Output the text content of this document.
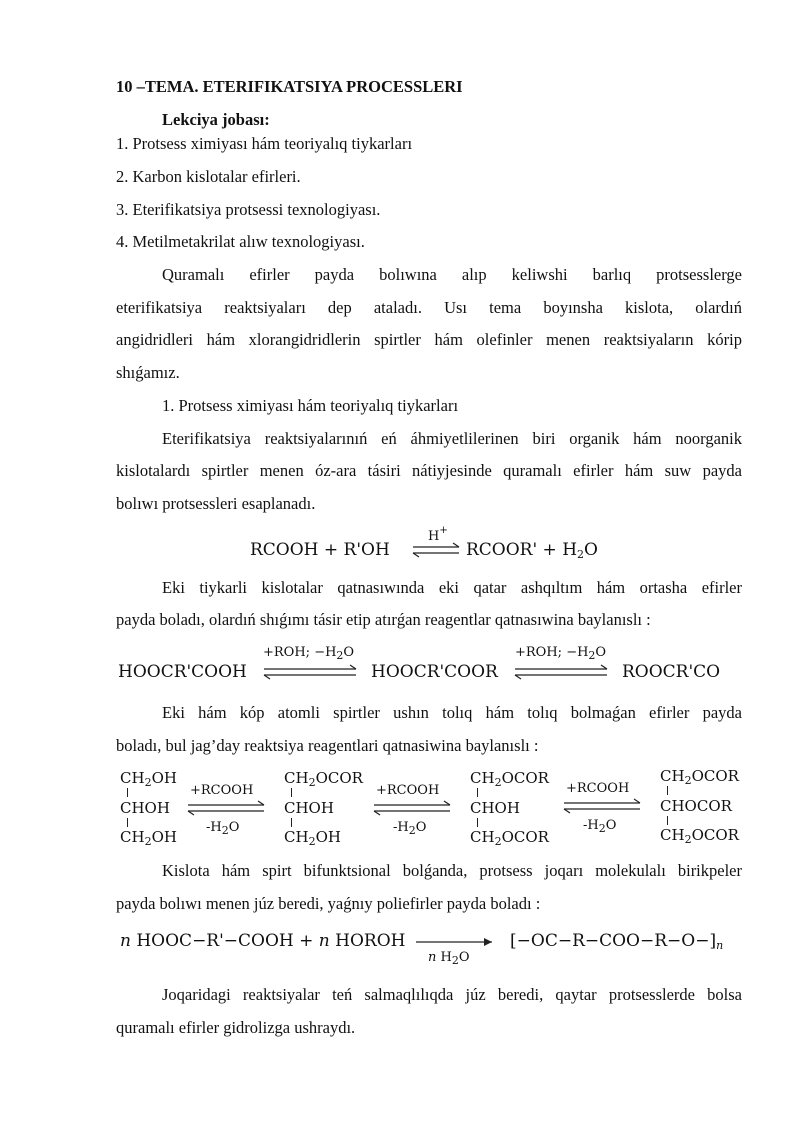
10 –TEMA. ETERIFIKATSIYA PROCESSLERI
Lekciya jobası:
1. Protsess ximiyası hám teoriyalıq tiykarları
2. Karbon kislotalar efirleri.
3. Eterifikatsiya protsessi texnologiyası.
4. Metilmetakrilat alıw texnologiyası.
Quramalı efirler payda bolıwına alıp keliwshi barlıq protsesslerge
eterifikatsiya reaktsiyaları dep ataladı. Usı tema boyınsha kislota, olardıń
angidridleri hám xlorangidridlerin spirtler hám olefinler menen reaktsiyaların kórip
shıǵamız.
1. Protsess ximiyası hám teoriyalıq tiykarları
Eterifikatsiya reaktsiyalarınıń eń áhmiyetlilerinen biri organik hám noorganik
kislotalardı spirtler menen óz-ara tásiri nátiyjesinde quramalı efirler hám suw payda
bolıwı protsessleri esaplanadı.
RCOOH + R'OH
H+
⇌ RCOOR' + $H_2O$
Eki tiykarli kislotalar qatnasıwında eki qatar ashqıltım hám ortasha efirler
payda boladı, olardıń shıǵımı tásir etip atırǵan reagentlar qatnasıwina baylanıslı :
HOOCR'COOH
+ROH; $-H_2O$
HOOCR'COOR
+ROH; $-H_2O$
ROOCR'CO
Eki hám kóp atomli spirtler ushın tolıq hám tolıq bolmaǵan efirler payda
boladı, bul jag’day reaktsiya reagentlari qatnasiwina baylanıslı :
$CH_2OH$
CHOH
$CH_2OH$
+RCOOH
$-H_2O$
$CH_2OCOR$
CHOH
$CH_2OH$
+RCOOH
$-H_2O$
$CH_2OCOR$
CHOH
$CH_2OCOR$
+RCOOH
$-H_2O$
$CH_2OCOR$
CHOCOR
$CH_2OCOR$
Kislota hám spirt bifunktsional bolǵanda, protsess joqarı molekulalı birikpeler
payda bolıwı menen júz beredi, yaǵnıy poliefirler payda boladı :
n HOOC−R'−COOH + n HOROH
n $H_2O$
$[-OC-R-COO-R-O-]_n$
Joqaridagi reaktsiyalar teń salmaqlılıqda júz beredi, qaytar protsesslerde bolsa
quramalı efirler gidrolizga ushraydı.
